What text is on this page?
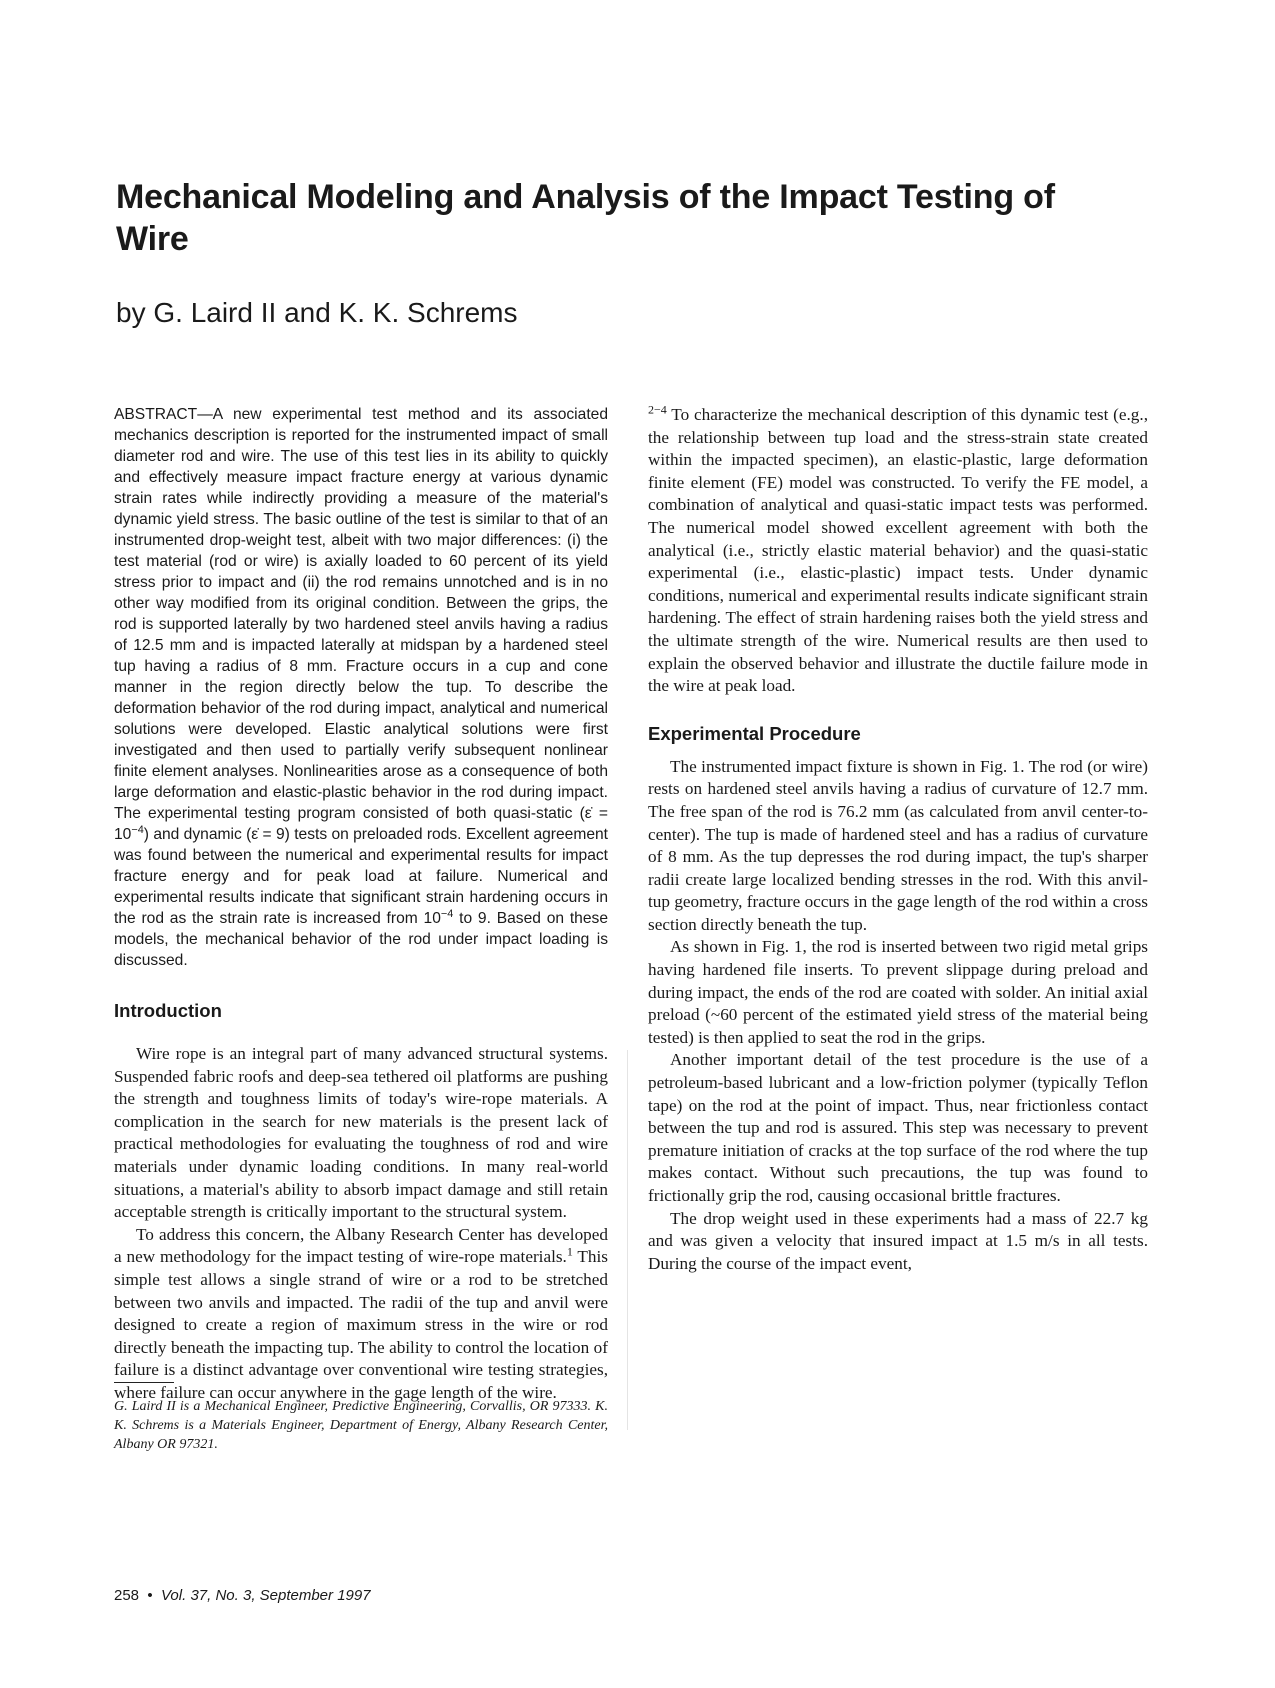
Mechanical Modeling and Analysis of the Impact Testing of Wire

by G. Laird II and K. K. Schrems

ABSTRACT—A new experimental test method and its associated mechanics description is reported for the instrumented impact of small diameter rod and wire. The use of this test lies in its ability to quickly and effectively measure impact fracture energy at various dynamic strain rates while indirectly providing a measure of the material's dynamic yield stress. The basic outline of the test is similar to that of an instrumented drop-weight test, albeit with two major differences: (i) the test material (rod or wire) is axially loaded to 60 percent of its yield stress prior to impact and (ii) the rod remains unnotched and is in no other way modified from its original condition. Between the grips, the rod is supported laterally by two hardened steel anvils having a radius of 12.5 mm and is impacted laterally at midspan by a hardened steel tup having a radius of 8 mm. Fracture occurs in a cup and cone manner in the region directly below the tup. To describe the deformation behavior of the rod during impact, analytical and numerical solutions were developed. Elastic analytical solutions were first investigated and then used to partially verify subsequent nonlinear finite element analyses. Nonlinearities arose as a consequence of both large deformation and elastic-plastic behavior in the rod during impact. The experimental testing program consisted of both quasi-static (ε̇ = $10^{-4}$) and dynamic (ε̇ = 9) tests on preloaded rods. Excellent agreement was found between the numerical and experimental results for impact fracture energy and for peak load at failure. Numerical and experimental results indicate that significant strain hardening occurs in the rod as the strain rate is increased from $10^{-4}$ to 9. Based on these models, the mechanical behavior of the rod under impact loading is discussed.

Introduction

Wire rope is an integral part of many advanced structural systems. Suspended fabric roofs and deep-sea tethered oil platforms are pushing the strength and toughness limits of today's wire-rope materials. A complication in the search for new materials is the present lack of practical methodologies for evaluating the toughness of rod and wire materials under dynamic loading conditions. In many real-world situations, a material's ability to absorb impact damage and still retain acceptable strength is critically important to the structural system.

To address this concern, the Albany Research Center has developed a new methodology for the impact testing of wire-rope materials.$^1$ This simple test allows a single strand of wire or a rod to be stretched between two anvils and impacted. The radii of the tup and anvil were designed to create a region of maximum stress in the wire or rod directly beneath the impacting tup. The ability to control the location of failure is a distinct advantage over conventional wire testing strategies, where failure can occur anywhere in the gage length of the wire.

G. Laird II is a Mechanical Engineer, Predictive Engineering, Corvallis, OR 97333. K. K. Schrems is a Materials Engineer, Department of Energy, Albany Research Center, Albany OR 97321.

$^{2-4}$ To characterize the mechanical description of this dynamic test (e.g., the relationship between tup load and the stress-strain state created within the impacted specimen), an elastic-plastic, large deformation finite element (FE) model was constructed. To verify the FE model, a combination of analytical and quasi-static impact tests was performed. The numerical model showed excellent agreement with both the analytical (i.e., strictly elastic material behavior) and the quasi-static experimental (i.e., elastic-plastic) impact tests. Under dynamic conditions, numerical and experimental results indicate significant strain hardening. The effect of strain hardening raises both the yield stress and the ultimate strength of the wire. Numerical results are then used to explain the observed behavior and illustrate the ductile failure mode in the wire at peak load.

Experimental Procedure

The instrumented impact fixture is shown in Fig. 1. The rod (or wire) rests on hardened steel anvils having a radius of curvature of 12.7 mm. The free span of the rod is 76.2 mm (as calculated from anvil center-to-center). The tup is made of hardened steel and has a radius of curvature of 8 mm. As the tup depresses the rod during impact, the tup's sharper radii create large localized bending stresses in the rod. With this anvil-tup geometry, fracture occurs in the gage length of the rod within a cross section directly beneath the tup.

As shown in Fig. 1, the rod is inserted between two rigid metal grips having hardened file inserts. To prevent slippage during preload and during impact, the ends of the rod are coated with solder. An initial axial preload (~60 percent of the estimated yield stress of the material being tested) is then applied to seat the rod in the grips.

Another important detail of the test procedure is the use of a petroleum-based lubricant and a low-friction polymer (typically Teflon tape) on the rod at the point of impact. Thus, near frictionless contact between the tup and rod is assured. This step was necessary to prevent premature initiation of cracks at the top surface of the rod where the tup makes contact. Without such precautions, the tup was found to frictionally grip the rod, causing occasional brittle fractures.

The drop weight used in these experiments had a mass of 22.7 kg and was given a velocity that insured impact at 1.5 m/s in all tests. During the course of the impact event,

258 • Vol. 37, No. 3, September 1997
